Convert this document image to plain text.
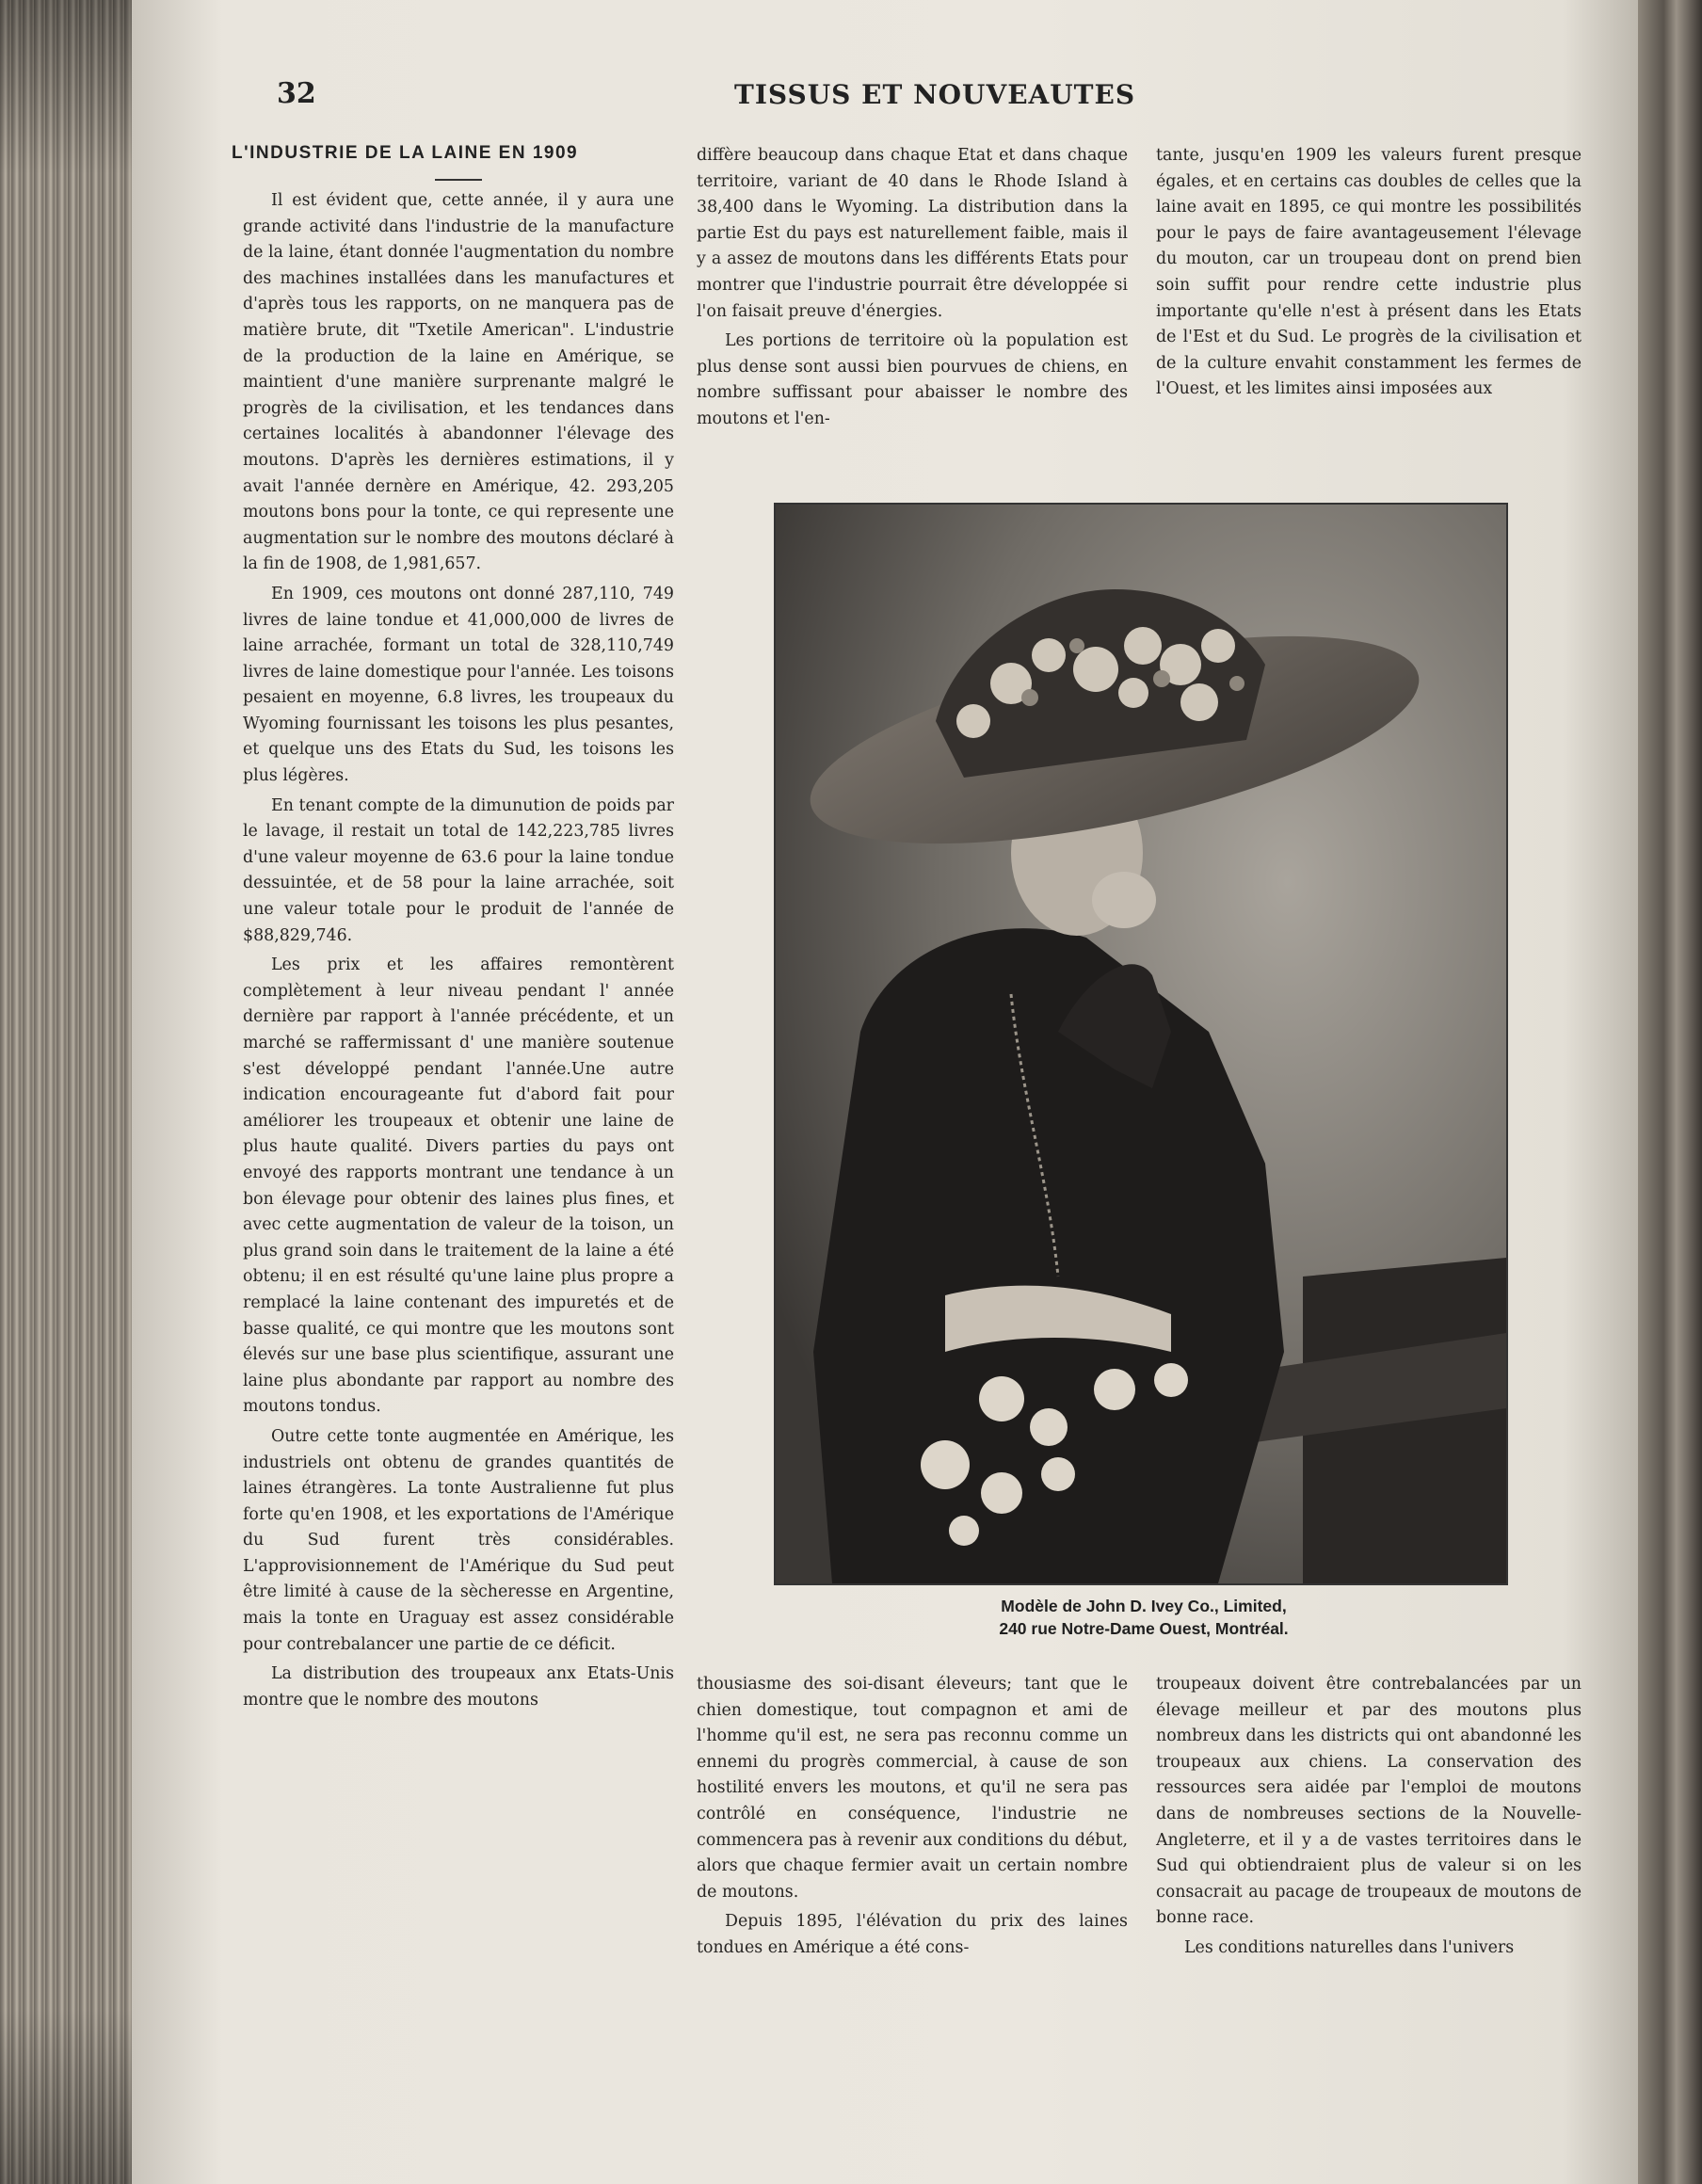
32	TISSUS ET NOUVEAUTES
L'INDUSTRIE DE LA LAINE EN 1909

Il est évident que, cette année, il y aura une grande activité dans l'industrie de la manufacture de la laine, étant donnée l'augmentation du nombre des machines installées dans les manufactures et d'après tous les rapports, on ne manquera pas de matière brute, dit "Txetile American". L'industrie de la production de la laine en Amérique, se maintient d'une manière surprenante malgré le progrès de la civilisation, et les tendances dans certaines localités à abandonner l'élevage des moutons. D'après les dernières estimations, il y avait l'année dernère en Amérique, 42. 293,205 moutons bons pour la tonte, ce qui represente une augmentation sur le nombre des moutons déclaré à la fin de 1908, de 1,981,657.

En 1909, ces moutons ont donné 287,110, 749 livres de laine tondue et 41,000,000 de livres de laine arrachée, formant un total de 328,110,749 livres de laine domestique pour l'année. Les toisons pesaient en moyenne, 6.8 livres, les troupeaux du Wyoming fournissant les toisons les plus pesantes, et quelque uns des Etats du Sud, les toisons les plus légères.

En tenant compte de la dimunution de poids par le lavage, il restait un total de 142,223,785 livres d'une valeur moyenne de 63.6 pour la laine tondue dessuintée, et de 58 pour la laine arrachée, soit une valeur totale pour le produit de l'année de $88,829,746.

Les prix et les affaires remontèrent complètement à leur niveau pendant l' année dernière par rapport à l'année précédente, et un marché se raffermissant d' une manière soutenue s'est développé pendant l'année.Une autre indication encourageante fut d'abord fait pour améliorer les troupeaux et obtenir une laine de plus haute qualité. Divers parties du pays ont envoyé des rapports montrant une tendance à un bon élevage pour obtenir des laines plus fines, et avec cette augmentation de valeur de la toison, un plus grand soin dans le traitement de la laine a été obtenu; il en est résulté qu'une laine plus propre a remplacé la laine contenant des impuretés et de basse qualité, ce qui montre que les moutons sont élevés sur une base plus scientifique, assurant une laine plus abondante par rapport au nombre des moutons tondus.

Outre cette tonte augmentée en Amérique, les industriels ont obtenu de grandes quantités de laines étrangères. La tonte Australienne fut plus forte qu'en 1908, et les exportations de l'Amérique du Sud furent très considérables. L'approvisionnement de l'Amérique du Sud peut être limité à cause de la sècheresse en Argentine, mais la tonte en Uraguay est assez considérable pour contrebalancer une partie de ce déficit.

La distribution des troupeaux anx Etats-Unis montre que le nombre des moutons

diffère beaucoup dans chaque Etat et dans chaque territoire, variant de 40 dans le Rhode Island à 38,400 dans le Wyoming. La distribution dans la partie Est du pays est naturellement faible, mais il y a assez de moutons dans les différents Etats pour montrer que l'industrie pourrait être développée si l'on faisait preuve d'énergies.

Les portions de territoire où la population est plus dense sont aussi bien pourvues de chiens, en nombre suffissant pour abaisser le nombre des moutons et l'en-

tante, jusqu'en 1909 les valeurs furent presque égales, et en certains cas doubles de celles que la laine avait en 1895, ce qui montre les possibilités pour le pays de faire avantageusement l'élevage du mouton, car un troupeau dont on prend bien soin suffit pour rendre cette industrie plus importante qu'elle n'est à présent dans les Etats de l'Est et du Sud. Le progrès de la civilisation et de la culture envahit constamment les fermes de l'Ouest, et les limites ainsi imposées aux

Modèle de John D. Ivey Co., Limited,
240 rue Notre-Dame Ouest, Montréal.

thousiasme des soi-disant éleveurs; tant que le chien domestique, tout compagnon et ami de l'homme qu'il est, ne sera pas reconnu comme un ennemi du progrès commercial, à cause de son hostilité envers les moutons, et qu'il ne sera pas contrôlé en conséquence, l'industrie ne commencera pas à revenir aux conditions du début, alors que chaque fermier avait un certain nombre de moutons.

Depuis 1895, l'élévation du prix des laines tondues en Amérique a été cons-

troupeaux doivent être contrebalancées par un élevage meilleur et par des moutons plus nombreux dans les districts qui ont abandonné les troupeaux aux chiens. La conservation des ressources sera aidée par l'emploi de moutons dans de nombreuses sections de la Nouvelle-Angleterre, et il y a de vastes territoires dans le Sud qui obtiendraient plus de valeur si on les consacrait au pacage de troupeaux de moutons de bonne race.

Les conditions naturelles dans l'univers
